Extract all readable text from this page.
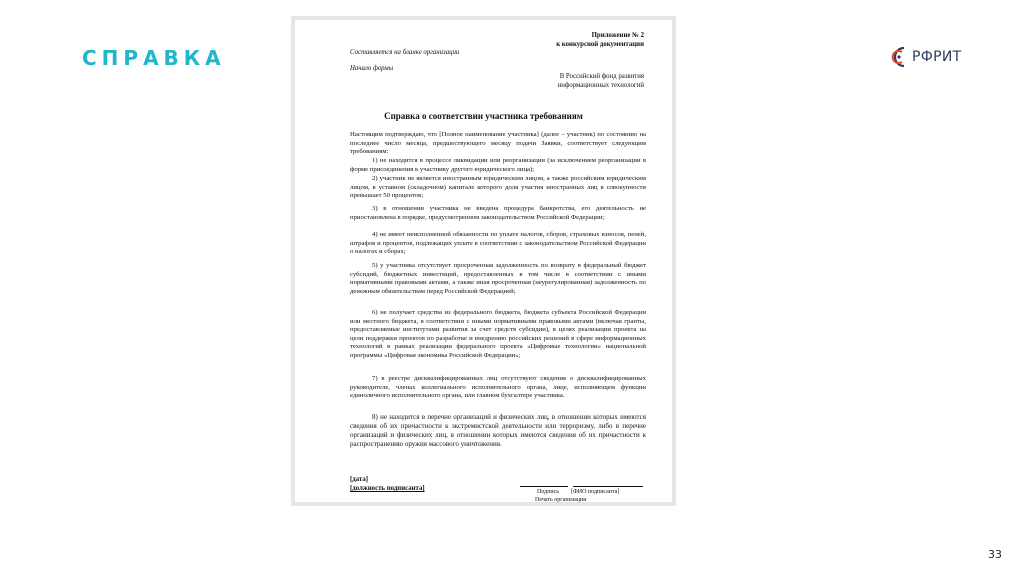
СПРАВКА	РФРИТ
Приложение № 2
к конкурсной документации
Составляется на бланке организации
Начало формы
В Российский фонд развития
информационных технологий
Справка о соответствии участника требованиям
Настоящим подтверждаю, что [Полное наименование участника] (далее – участник) по состоянию на последнее число месяца, предшествующего месяцу подачи Заявки, соответствует следующим требованиям:
1) не находится в процессе ликвидации или реорганизации (за исключением реорганизации в форме присоединения к участнику другого юридического лица);
2) участник не является иностранным юридическим лицом, а также российским юридическим лицом, в уставном (складочном) капитале которого доля участия иностранных лиц в совокупности превышает 50 процентов;
3) в отношении участника не введена процедура банкротства, его деятельность не приостановлена в порядке, предусмотренном законодательством Российской Федерации;
4) не имеет неисполненной обязанности по уплате налогов, сборов, страховых взносов, пеней, штрафов и процентов, подлежащих уплате в соответствии с законодательством Российской Федерации о налогах и сборах;
5) у участника отсутствует просроченная задолженность по возврату в федеральный бюджет субсидий, бюджетных инвестиций, предоставленных в том числе в соответствии с иными нормативными правовыми актами, а также иная просроченная (неурегулированная) задолженность по денежным обязательствам перед Российской Федерацией;
6) не получает средства из федерального бюджета, бюджета субъекта Российской Федерации или местного бюджета, в соответствии с иными нормативными правовыми актами (включая гранты, предоставляемые институтами развития за счет средств субсидии), в целях реализации проекта на цели поддержки проектов по разработке и внедрению российских решений в сфере информационных технологий в рамках реализации федерального проекта «Цифровые технологии» национальной программы «Цифровая экономика Российской Федерации»;
7) в реестре дисквалифицированных лиц отсутствуют сведения о дисквалифицированных руководителе, членах коллегиального исполнительного органа, лице, исполняющем функции единоличного исполнительного органа, или главном бухгалтере участника.
8) не находится в перечне организаций и физических лиц, в отношении которых имеются сведения об их причастности к экстремистской деятельности или терроризму, либо в перечне организаций и физических лиц, в отношении которых имеются сведения об их причастности к распространению оружия массового уничтожения.
[дата]
[должность подписанта]	Подпись [ФИО подписанта]
Печать организации
33
